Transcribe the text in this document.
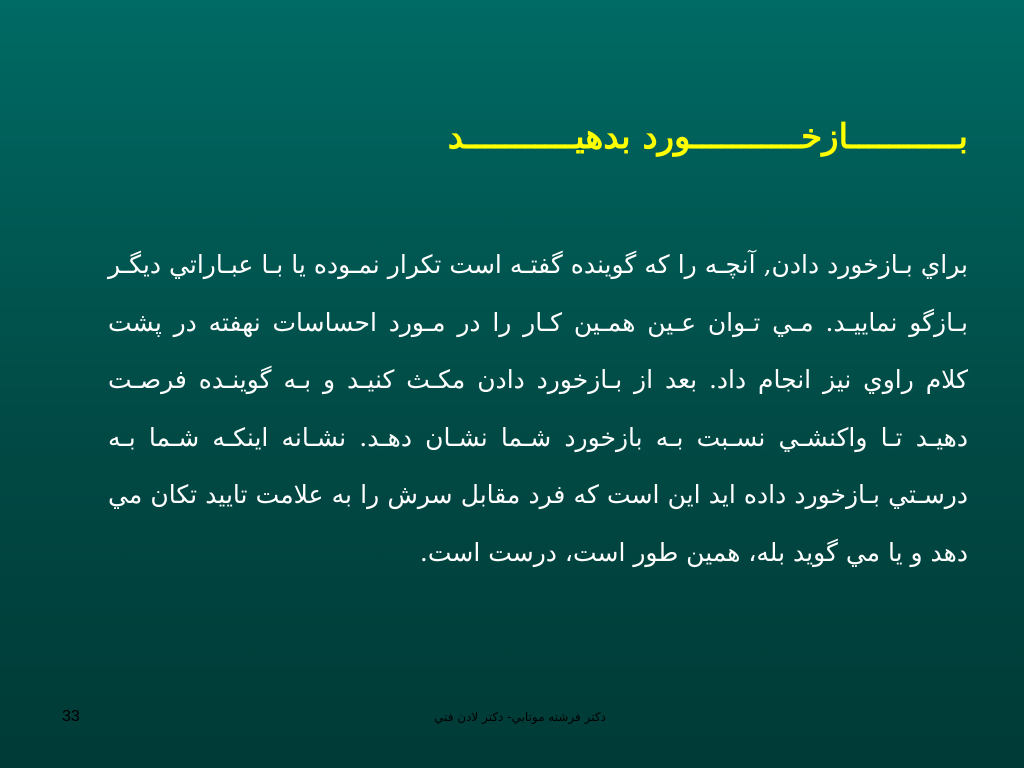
بـــــــــــازخـــــــــــورد بدهيـــــــــــد
براي بـازخورد دادن, آنچـه را كه گوينده گفتـه است تكرار نمـوده يا بـا عبـاراتي ديگـر بـازگو نماييـد. مـي تـوان عـين همـين كـار را در مـورد احساسات نهفته در پشت كلام راوي نيز انجام داد. بعد از بـازخورد دادن مكـث كنيـد و بـه گوينـده فرصـت دهيـد تـا واكنشـي نسـبت بـه بازخورد شـما نشـان دهـد. نشـانه اينكـه شـما بـه درسـتي بـازخورد داده ايد اين است كه فرد مقابل سرش را به علامت تاييد تكان مي دهد و يا مي گويد بله، همين طور است، درست است.
33	دكتر فرشته موتابي- دكتر لادن فتي
